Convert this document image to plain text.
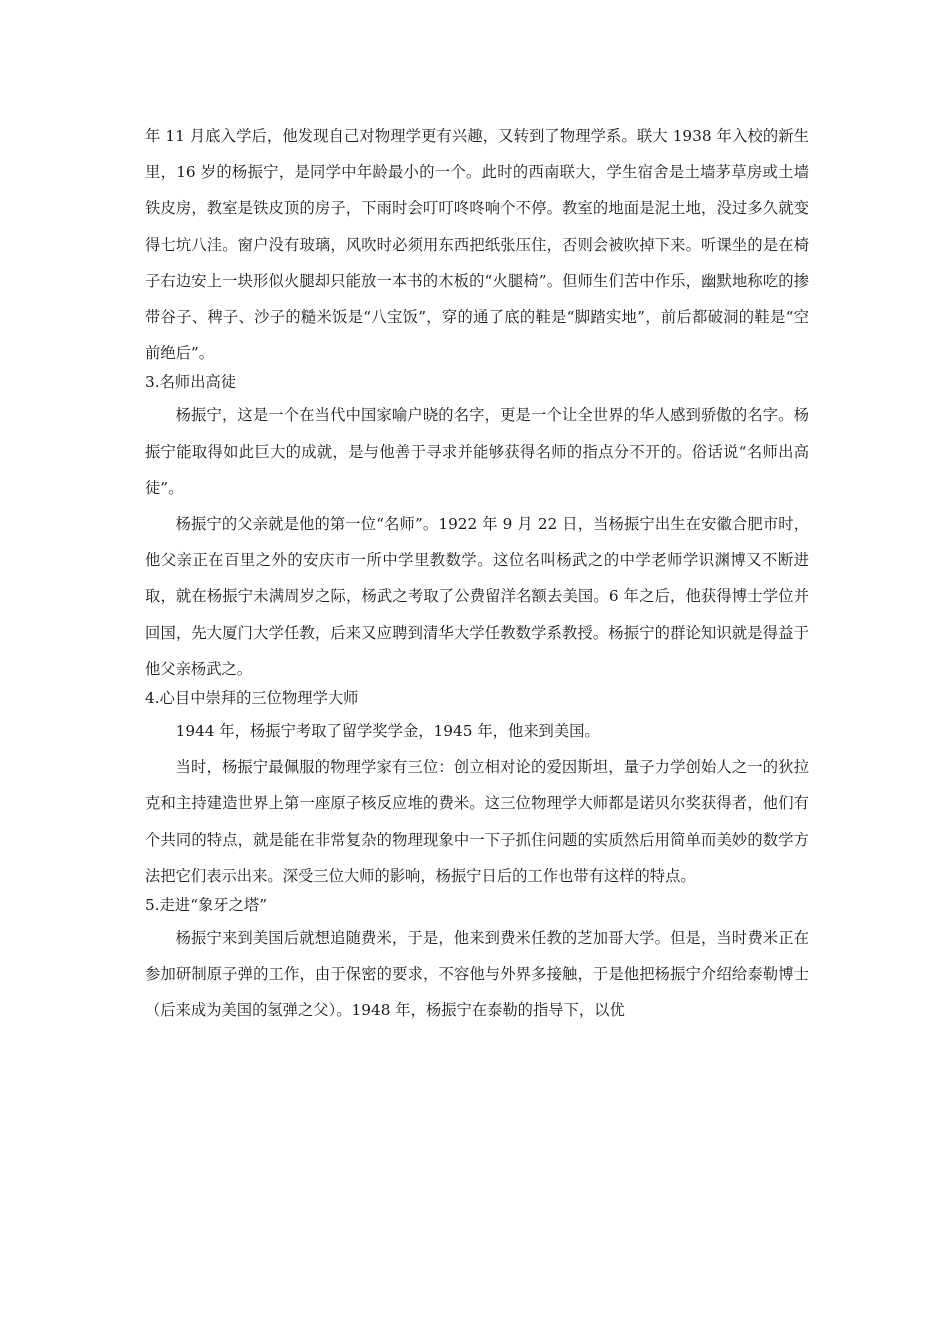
年 11 月底入学后，他发现自己对物理学更有兴趣，又转到了物理学系。联大 1938 年入校的新生里，16 岁的杨振宁，是同学中年龄最小的一个。此时的西南联大，学生宿舍是土墙茅草房或土墙铁皮房，教室是铁皮顶的房子，下雨时会叮叮咚咚响个不停。教室的地面是泥土地，没过多久就变得七坑八洼。窗户没有玻璃，风吹时必须用东西把纸张压住，否则会被吹掉下来。听课坐的是在椅子右边安上一块形似火腿却只能放一本书的木板的“火腿椅”。但师生们苦中作乐，幽默地称吃的掺带谷子、稗子、沙子的糙米饭是“八宝饭”，穿的通了底的鞋是“脚踏实地”，前后都破洞的鞋是“空前绝后”。

3.名师出高徒

杨振宁，这是一个在当代中国家喻户晓的名字，更是一个让全世界的华人感到骄傲的名字。杨振宁能取得如此巨大的成就，是与他善于寻求并能够获得名师的指点分不开的。俗话说“名师出高徒”。

杨振宁的父亲就是他的第一位“名师”。1922 年 9 月 22 日，当杨振宁出生在安徽合肥市时，他父亲正在百里之外的安庆市一所中学里教数学。这位名叫杨武之的中学老师学识渊博又不断进取，就在杨振宁未满周岁之际，杨武之考取了公费留洋名额去美国。6 年之后，他获得博士学位并回国，先大厦门大学任教，后来又应聘到清华大学任教数学系教授。杨振宁的群论知识就是得益于他父亲杨武之。

4.心目中崇拜的三位物理学大师

1944 年，杨振宁考取了留学奖学金，1945 年，他来到美国。

当时，杨振宁最佩服的物理学家有三位：创立相对论的爱因斯坦，量子力学创始人之一的狄拉克和主持建造世界上第一座原子核反应堆的费米。这三位物理学大师都是诺贝尔奖获得者，他们有个共同的特点，就是能在非常复杂的物理现象中一下子抓住问题的实质然后用简单而美妙的数学方法把它们表示出来。深受三位大师的影响，杨振宁日后的工作也带有这样的特点。

5.走进“象牙之塔”

杨振宁来到美国后就想追随费米，于是，他来到费米任教的芝加哥大学。但是，当时费米正在参加研制原子弹的工作，由于保密的要求，不容他与外界多接触，于是他把杨振宁介绍给泰勒博士（后来成为美国的氢弹之父）。1948 年，杨振宁在泰勒的指导下，以优
